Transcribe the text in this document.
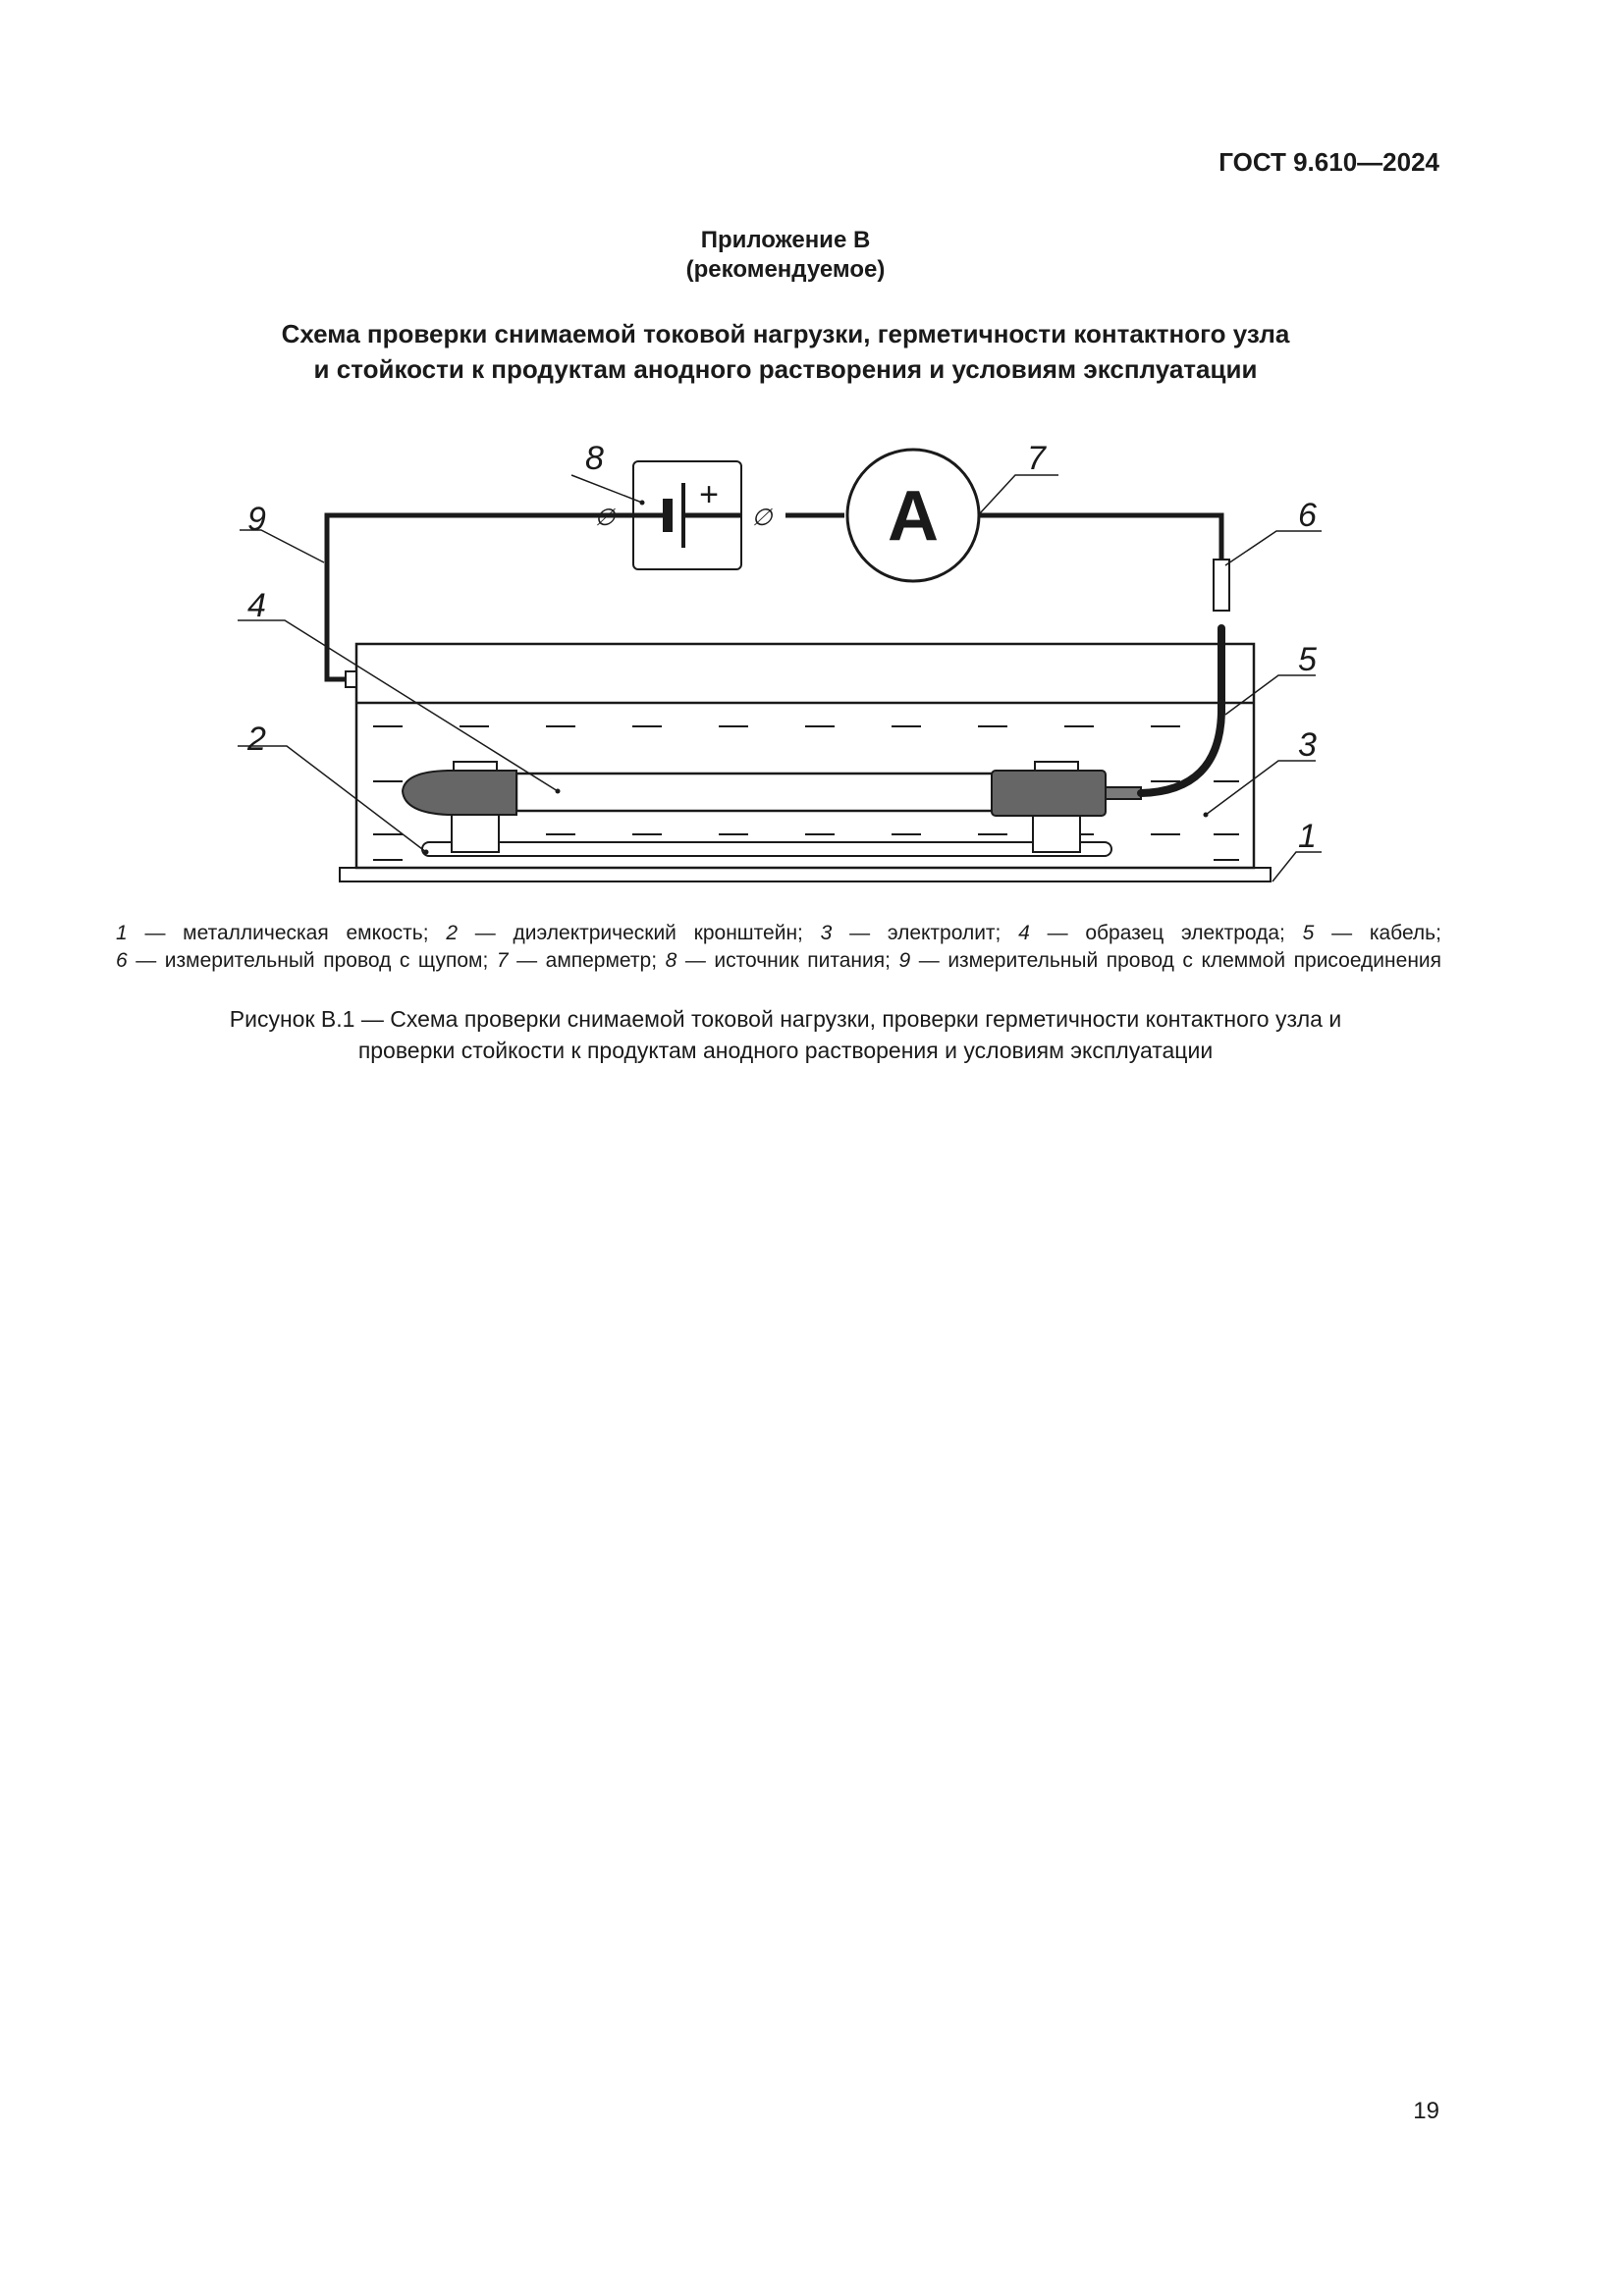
ГОСТ 9.610—2024
Приложение В
(рекомендуемое)
Схема проверки снимаемой токовой нагрузки, герметичности контактного узла
и стойкости к продуктам анодного растворения и условиям эксплуатации
+ A
∅	∅
1
2	3
4
5
6
7
8
9
1 — металлическая емкость; 2 — диэлектрический кронштейн; 3 — электролит; 4 — образец электрода; 5 — кабель;
6 — измерительный провод с щупом; 7 — амперметр; 8 — источник питания; 9 — измерительный провод с клеммой присоединения
Рисунок В.1 — Схема проверки снимаемой токовой нагрузки, проверки герметичности контактного узла и
проверки стойкости к продуктам анодного растворения и условиям эксплуатации
19
